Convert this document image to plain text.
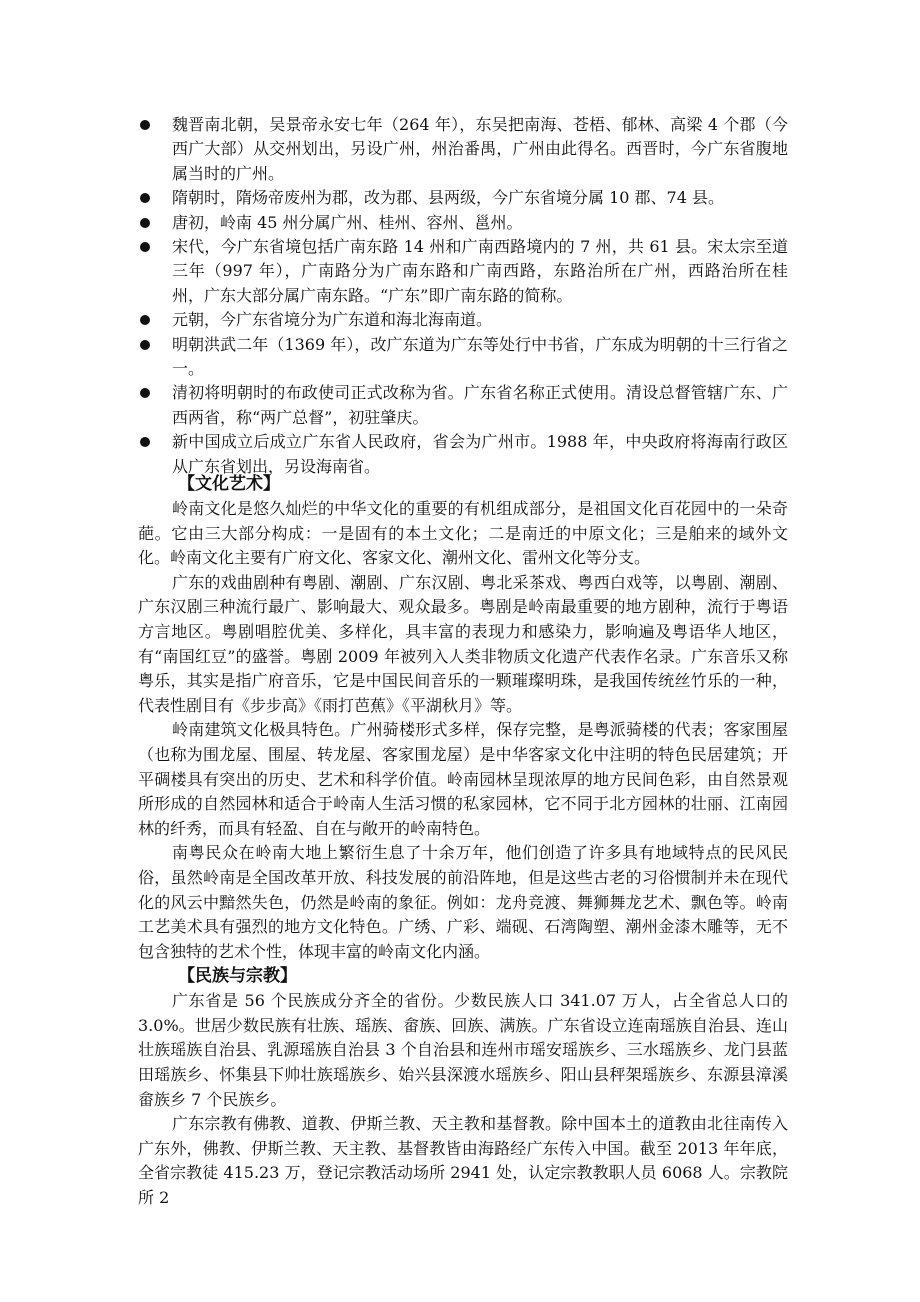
魏晋南北朝，吴景帝永安七年（264 年），东吴把南海、苍梧、郁林、高梁 4 个郡（今西广大部）从交州划出，另设广州，州治番禺，广州由此得名。西晋时，今广东省腹地属当时的广州。
隋朝时，隋炀帝废州为郡，改为郡、县两级，今广东省境分属 10 郡、74 县。
唐初，岭南 45 州分属广州、桂州、容州、邕州。
宋代，今广东省境包括广南东路 14 州和广南西路境内的 7 州，共 61 县。宋太宗至道三年（997 年），广南路分为广南东路和广南西路，东路治所在广州，西路治所在桂州，广东大部分属广南东路。“广东”即广南东路的简称。
元朝，今广东省境分为广东道和海北海南道。
明朝洪武二年（1369 年），改广东道为广东等处行中书省，广东成为明朝的十三行省之一。
清初将明朝时的布政使司正式改称为省。广东省名称正式使用。清设总督管辖广东、广西两省，称“两广总督”，初驻肇庆。
新中国成立后成立广东省人民政府，省会为广州市。1988 年，中央政府将海南行政区从广东省划出，另设海南省。
【文化艺术】

岭南文化是悠久灿烂的中华文化的重要的有机组成部分，是祖国文化百花园中的一朵奇葩。它由三大部分构成：一是固有的本土文化；二是南迁的中原文化；三是舶来的域外文化。岭南文化主要有广府文化、客家文化、潮州文化、雷州文化等分支。

广东的戏曲剧种有粤剧、潮剧、广东汉剧、粤北采茶戏、粤西白戏等，以粤剧、潮剧、广东汉剧三种流行最广、影响最大、观众最多。粤剧是岭南最重要的地方剧种，流行于粤语方言地区。粤剧唱腔优美、多样化，具丰富的表现力和感染力，影响遍及粤语华人地区，有“南国红豆”的盛誉。粤剧 2009 年被列入人类非物质文化遗产代表作名录。广东音乐又称粤乐，其实是指广府音乐，它是中国民间音乐的一颗璀璨明珠，是我国传统丝竹乐的一种，代表性剧目有《步步高》《雨打芭蕉》《平湖秋月》等。

岭南建筑文化极具特色。广州骑楼形式多样，保存完整，是粤派骑楼的代表；客家围屋（也称为围龙屋、围屋、转龙屋、客家围龙屋）是中华客家文化中注明的特色民居建筑；开平碉楼具有突出的历史、艺术和科学价值。岭南园林呈现浓厚的地方民间色彩，由自然景观所形成的自然园林和适合于岭南人生活习惯的私家园林，它不同于北方园林的壮丽、江南园林的纤秀，而具有轻盈、自在与敞开的岭南特色。

南粤民众在岭南大地上繁衍生息了十余万年，他们创造了许多具有地域特点的民风民俗，虽然岭南是全国改革开放、科技发展的前沿阵地，但是这些古老的习俗惯制并未在现代化的风云中黯然失色，仍然是岭南的象征。例如：龙舟竞渡、舞狮舞龙艺术、飘色等。岭南工艺美术具有强烈的地方文化特色。广绣、广彩、端砚、石湾陶塑、潮州金漆木雕等，无不包含独特的艺术个性，体现丰富的岭南文化内涵。

【民族与宗教】

广东省是 56 个民族成分齐全的省份。少数民族人口 341.07 万人，占全省总人口的 3.0%。世居少数民族有壮族、瑶族、畲族、回族、满族。广东省设立连南瑶族自治县、连山壮族瑶族自治县、乳源瑶族自治县 3 个自治县和连州市瑶安瑶族乡、三水瑶族乡、龙门县蓝田瑶族乡、怀集县下帅壮族瑶族乡、始兴县深渡水瑶族乡、阳山县秤架瑶族乡、东源县漳溪畲族乡 7 个民族乡。

广东宗教有佛教、道教、伊斯兰教、天主教和基督教。除中国本土的道教由北往南传入广东外，佛教、伊斯兰教、天主教、基督教皆由海路经广东传入中国。截至 2013 年年底，全省宗教徒 415.23 万，登记宗教活动场所 2941 处，认定宗教教职人员 6068 人。宗教院所 2
